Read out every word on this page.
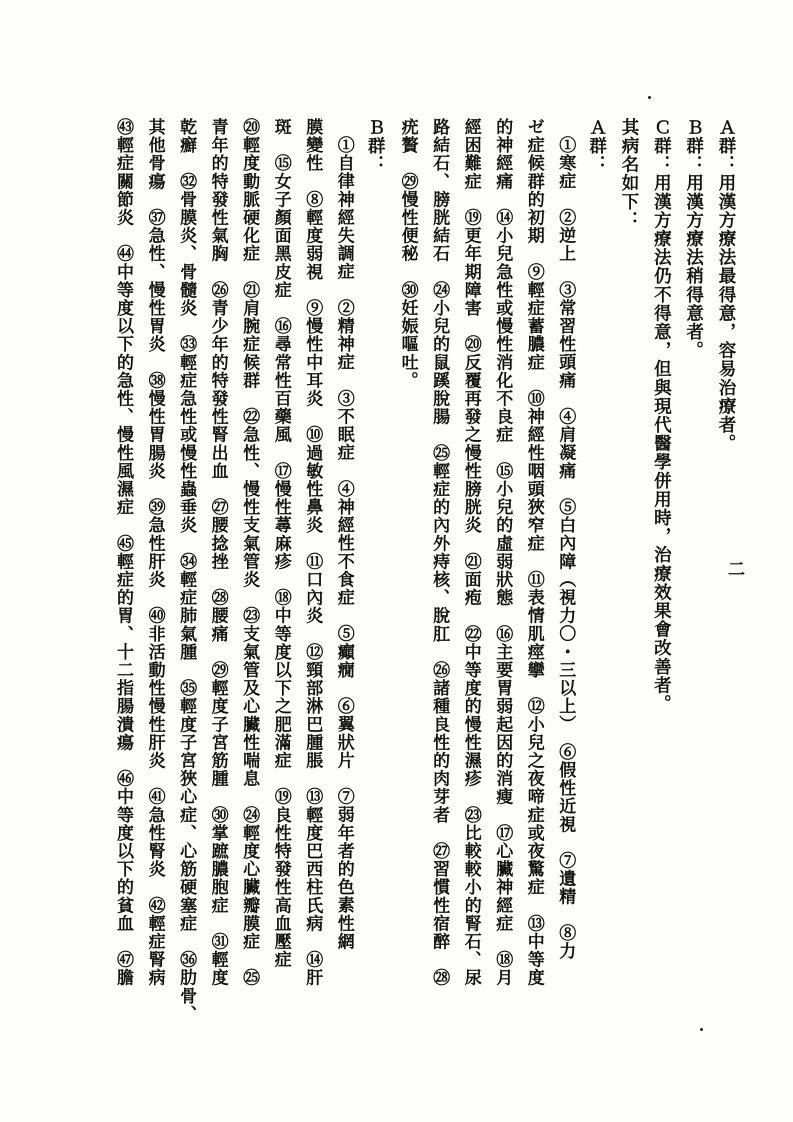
二
Ａ群：用漢方療法最得意，容易治療者。
Ｂ群：用漢方療法稍得意者。
Ｃ群：用漢方療法仍不得意，但與現代醫學併用時，治療效果會改善者。
其病名如下：
Ａ群：
①寒症　②逆上　③常習性頭痛　④肩凝痛　⑤白內障（視力〇・三以上）　⑥假性近視　⑦遺精　⑧力
ゼ症候群的初期　⑨輕症蓄膿症　⑩神經性咽頭狹窄症　⑪表情肌痙攣　⑫小兒之夜啼症或夜驚症　⑬中等度
的神經痛　⑭小兒急性或慢性消化不良症　⑮小兒的虛弱狀態　⑯主要胃弱起因的消瘦　⑰心臟神經症　⑱月
經困難症　⑲更年期障害　⑳反覆再發之慢性膀胱炎　㉑面疱　㉒中等度的慢性濕疹　㉓比較較小的腎石、尿
路結石、膀胱結石　㉔小兒的鼠蹊脫腸　㉕輕症的內外痔核、脫肛　㉖諸種良性的肉芽者　㉗習慣性宿醉　㉘
疣贅　㉙慢性便秘　㉚妊娠嘔吐。
Ｂ群：
①自律神經失調症　②精神症　③不眠症　④神經性不食症　⑤癲癇　⑥翼狀片　⑦弱年者的色素性網
膜變性　⑧輕度弱視　⑨慢性中耳炎　⑩過敏性鼻炎　⑪口內炎　⑫頸部淋巴腫脹　⑬輕度巴西柱氏病　⑭肝
斑　⑮女子顏面黑皮症　⑯尋常性百藥風　⑰慢性蕁麻疹　⑱中等度以下之肥滿症　⑲良性特發性高血壓症
⑳輕度動脈硬化症　㉑肩腕症候群　㉒急性、慢性支氣管炎　㉓支氣管及心臟性喘息　㉔輕度心臟瓣膜症　㉕
青年的特發性氣胸　㉖青少年的特發性腎出血　㉗腰捻挫　㉘腰痛　㉙輕度子宮筋腫　㉚掌蹠膿胞症　㉛輕度
乾癬　㉜骨膜炎、骨髓炎　㉝輕症急性或慢性蟲垂炎　㉞輕症肺氣腫　㉟輕度子宮狹心症、心筋硬塞症　㊱肋骨、
其他骨瘍　㊲急性、慢性胃炎　㊳慢性胃腸炎　㊴急性肝炎　㊵非活動性慢性肝炎　㊶急性腎炎　㊷輕症腎病
㊸輕症關節炎　㊹中等度以下的急性、慢性風濕症　㊺輕症的胃、十二指腸潰瘍　㊻中等度以下的貧血　㊼膽
